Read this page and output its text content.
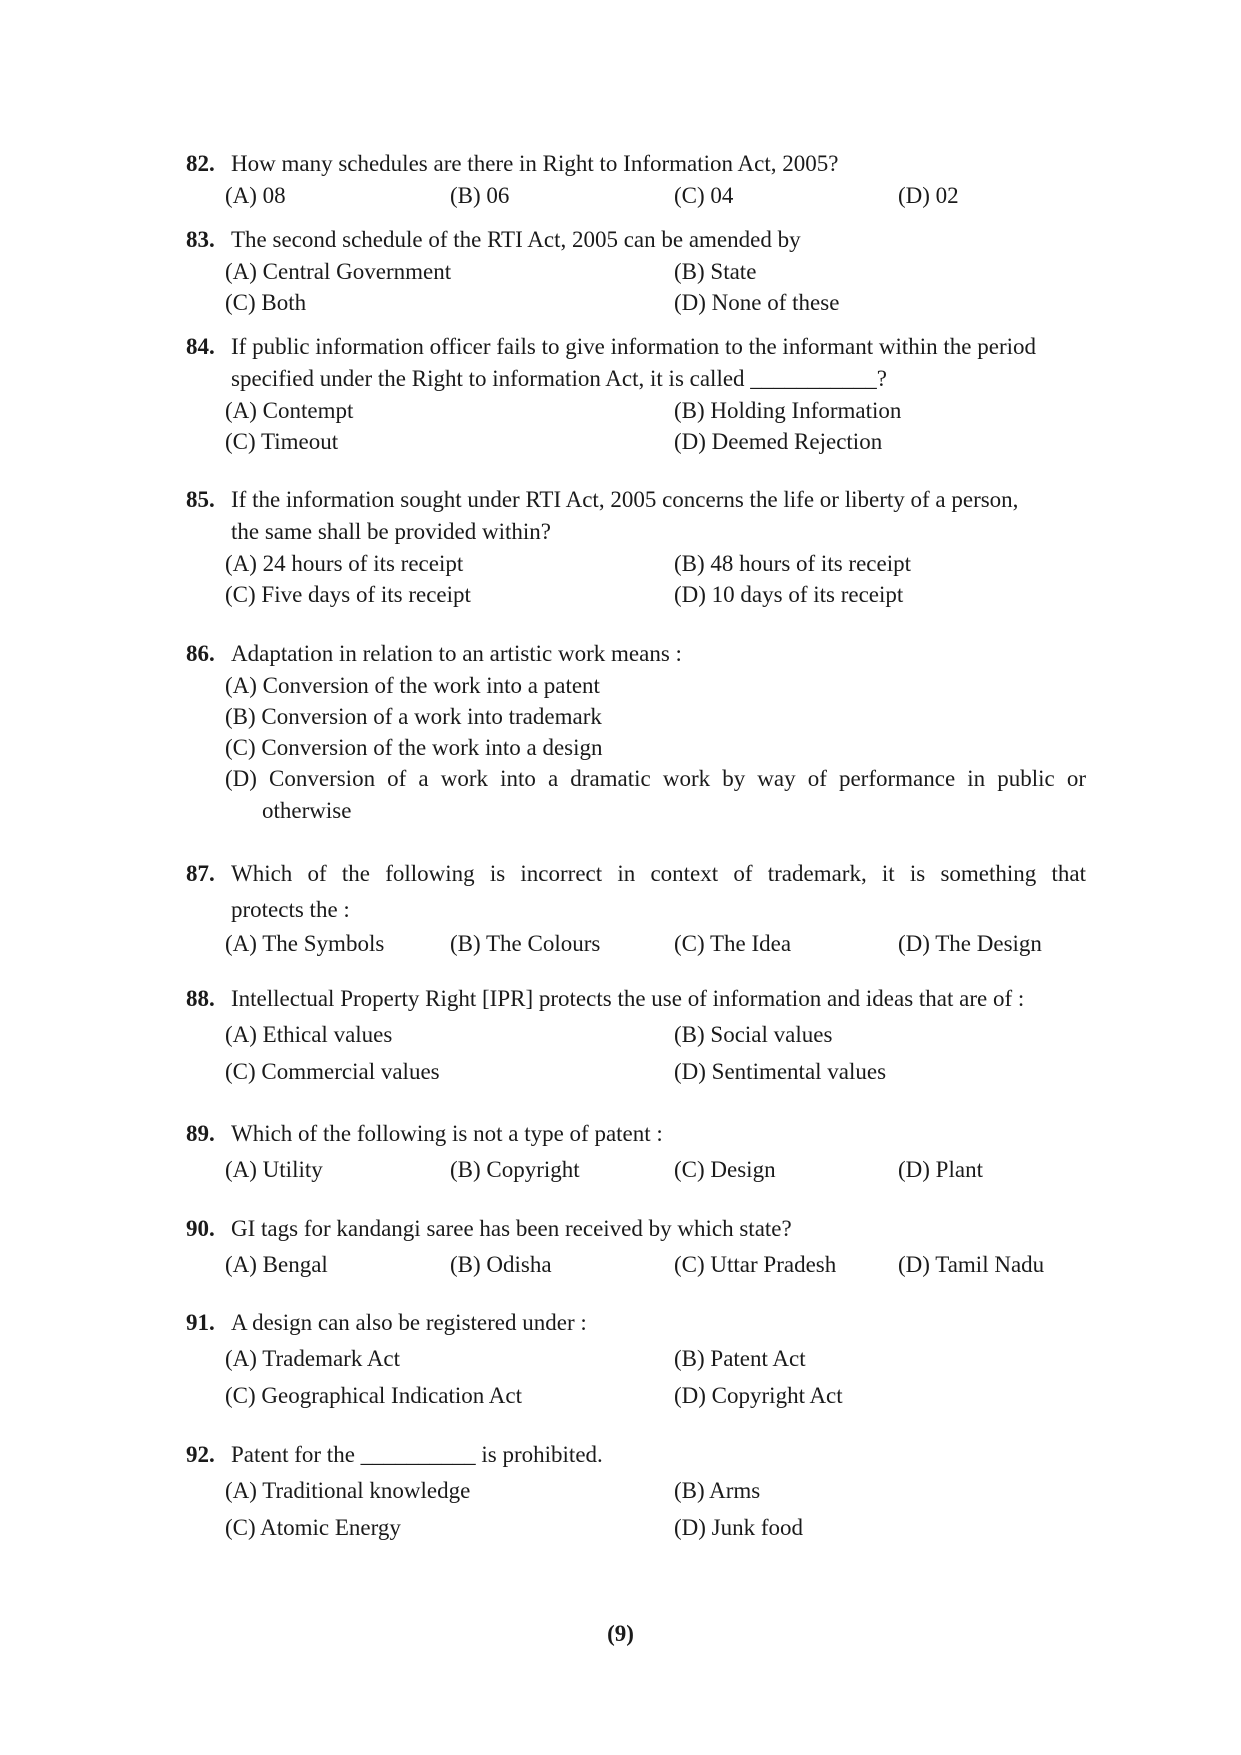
82. How many schedules are there in Right to Information Act, 2005?
(A) 08	(B) 06	(C) 04	(D) 02
83. The second schedule of the RTI Act, 2005 can be amended by
(A) Central Government	(B) State
(C) Both	(D) None of these
84. If public information officer fails to give information to the informant within the period
specified under the Right to information Act, it is called ___________?
(A) Contempt	(B) Holding Information
(C) Timeout	(D) Deemed Rejection
85. If the information sought under RTI Act, 2005 concerns the life or liberty of a person,
the same shall be provided within?
(A) 24 hours of its receipt	(B) 48 hours of its receipt
(C) Five days of its receipt	(D) 10 days of its receipt
86. Adaptation in relation to an artistic work means :
(A) Conversion of the work into a patent
(B) Conversion of a work into trademark
(C) Conversion of the work into a design
(D) Conversion of a work into a dramatic work by way of performance in public or
otherwise
87. Which of the following is incorrect in context of trademark, it is something that
protects the :
(A) The Symbols	(B) The Colours	(C) The Idea	(D) The Design
88. Intellectual Property Right [IPR] protects the use of information and ideas that are of :
(A) Ethical values	(B) Social values
(C) Commercial values	(D) Sentimental values
89. Which of the following is not a type of patent :
(A) Utility	(B) Copyright	(C) Design	(D) Plant
90. GI tags for kandangi saree has been received by which state?
(A) Bengal	(B) Odisha	(C) Uttar Pradesh	(D) Tamil Nadu
91. A design can also be registered under :
(A) Trademark Act	(B) Patent Act
(C) Geographical Indication Act	(D) Copyright Act
92. Patent for the __________ is prohibited.
(A) Traditional knowledge	(B) Arms
(C) Atomic Energy	(D) Junk food
(9)
